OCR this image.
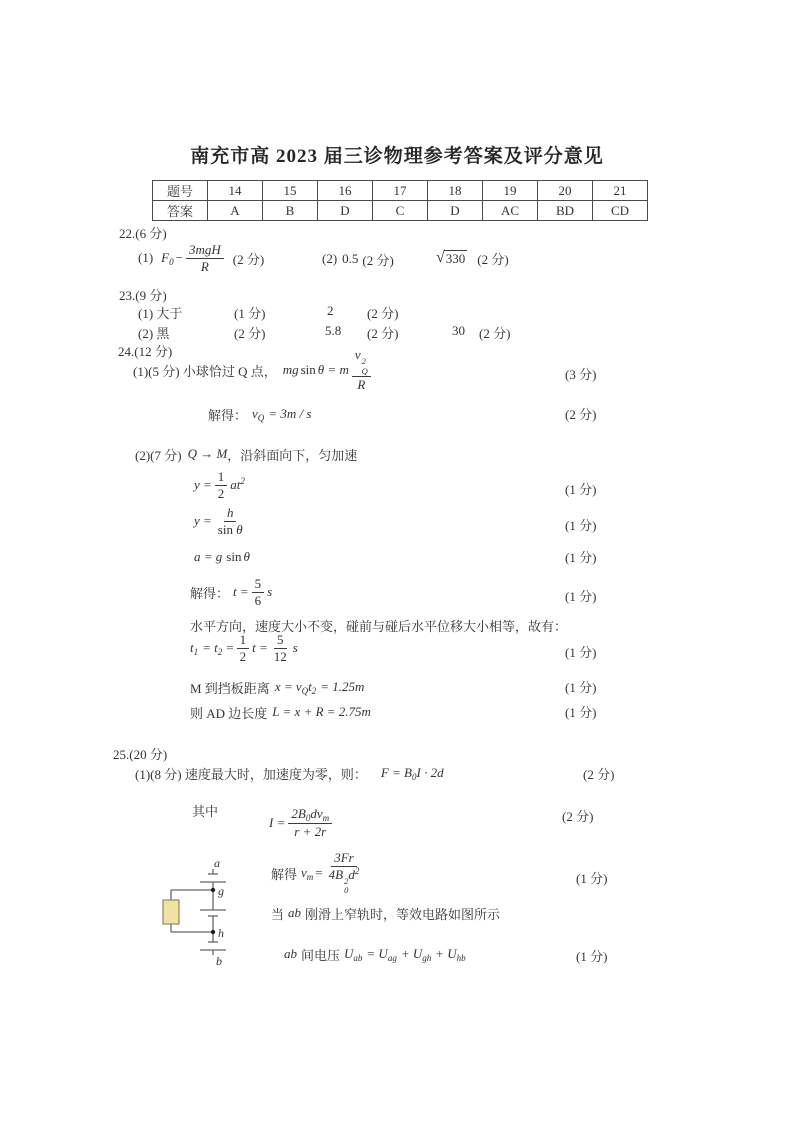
南充市高 2023 届三诊物理参考答案及评分意见
题号	14	15	16	17	18	19	20	21
答案	A	B	D	C	D	AC	BD	CD
22.(6 分)
(1) $F_0 - \frac{\text{3mgH}}{R} (2$ 分)	(2) 0.5 (2 分)	√ 330 (2 分)
23.(9 分)
(1) 大于	(1 分)	2	(2 分)
(2) 黑	(2 分)	5.8 (2 分)	30 (2 分)
24.(12 分)
(1)(5 分) 小球恰过 Q 点， mg sin θ = m v 2
Q
R	(3 分)
解得： $v_Q = 3m / s$	(2 分)
(2)(7 分) Q → M ，沿斜面向下，匀加速
$y = \frac{1}{2} at^2$
(1 分)
$y = \frac{h}{\text{sin θ}}$	(1 分)
a = g sin θ	(1 分)
解得： $t = \frac{5}{6}$ s	(1 分)
水平方向，速度大小不变，碰前与碰后水平位移大小相等，故有：
$t_1 = t_2 = \frac{1}{2}$ $t = \frac{5}{12}$ s	(1 分)
M 到挡板距离 $x = v_Qt_2 = 1.25m$	(1 分)
则 AD 边长度 L = x + R = 2.75m	(1 分)
25.(20 分)
(1)(8 分) 速度最大时，加速度为零，则： $F = B_0I \cdot 2d$	(2 分)
其中
$I = \frac{2B_0dv_m}{r + 2r}$	(2 分)
a
g
h
b
解得 $v_m = 3Fr$
4B 2
0
$d^2$	(1 分)
当 ab 刚滑上窄轨时，等效电路如图所示
ab 间电压 $U_{ab} = U_{ag} + U_{gh} + U_{hb}$	(1 分)
